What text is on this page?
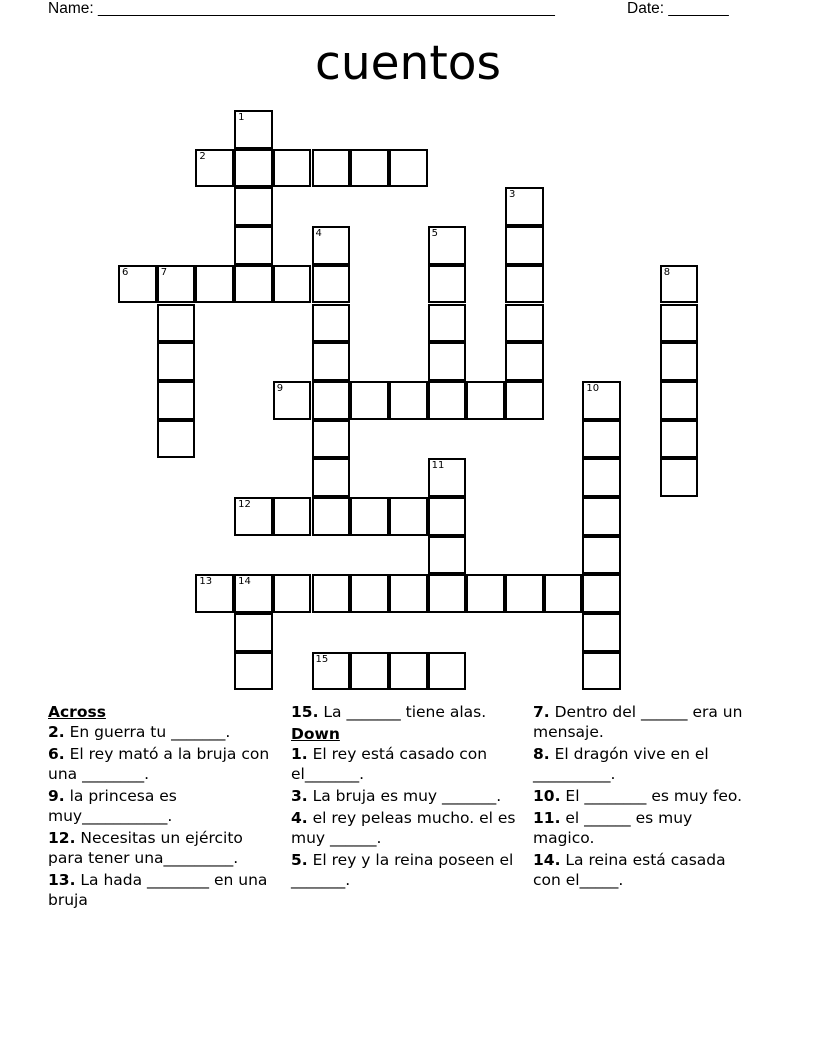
Name: _____________________________________________________	Date: _______
cuentos
1
2
3
4	5
6	7	8
9	10
11
12
13	14
15
Across
2. En guerra tu _______.
6. El rey mató a la bruja con una ________.
9. la princesa es muy___________.
12. Necesitas un ejército para tener una_________.
13. La hada ________ en una bruja
15. La _______ tiene alas.
Down
1. El rey está casado con el_______.
3. La bruja es muy _______.
4. el rey peleas mucho. el es muy ______.
5. El rey y la reina poseen el _______.
7. Dentro del ______ era un mensaje.
8. El dragón vive en el __________.
10. El ________ es muy feo.
11. el ______ es muy magico.
14. La reina está casada con el_____.
